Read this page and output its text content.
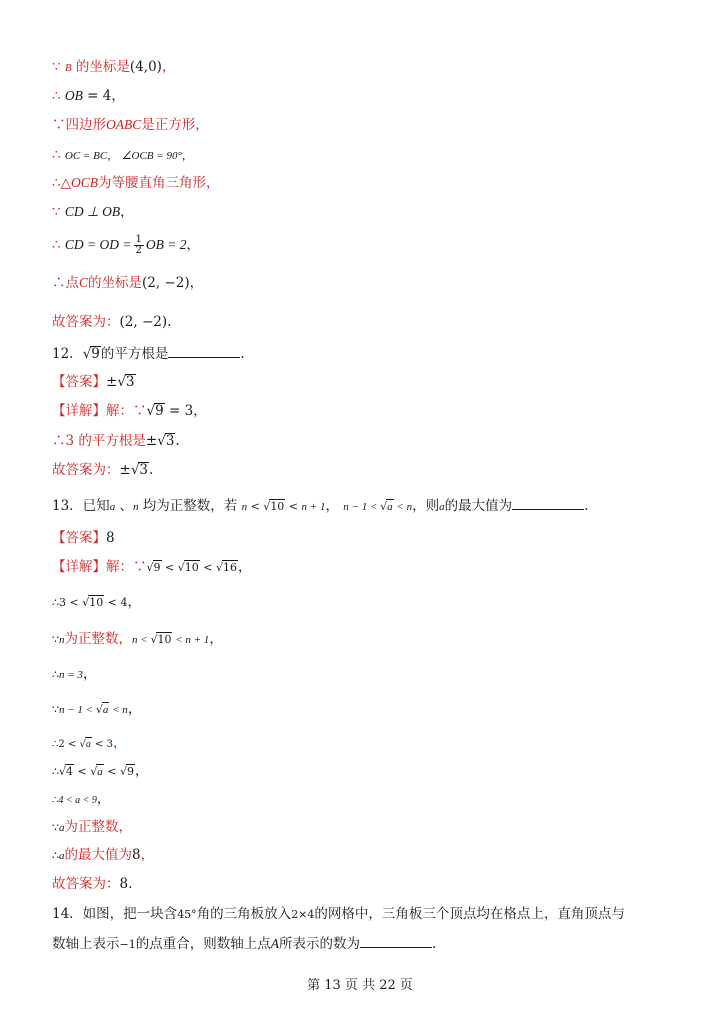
∵ B 的坐标是(4,0)，
∴ OB = 4，
∵四边形OABC是正方形，
∴ OC = BC， ∠OCB = 90°，
∴△OCB为等腰直角三角形，
∵ CD ⊥ OB，
∴ CD = OD = $\frac{1}{2}$ OB = 2，
∴点C的坐标是(2, −2)，
故答案为：(2, −2).
12．√9的平方根是	.
【答案】±√3
【详解】解：∵√9 = 3，
∴3 的平方根是±√3.
故答案为：±√3.
13．已知a 、n 均为正整数，若 n < √10 < n + 1， n − 1 < √a < n，则a的最大值为	.
【答案】8
【详解】解：∵√9 < √10 < √16，
∴3 < √10 < 4，
∵n为正整数，n < √10 < n + 1，
∴n = 3，
∵n − 1 < √a < n，
∴2 < √a < 3，
∴√4 < √a < √9，
∴4 < a < 9，
∵a为正整数，
∴a的最大值为8，
故答案为：8.
14．如图，把一块含45°角的三角板放入2×4的网格中，三角板三个顶点均在格点上，直角顶点与
数轴上表示−1的点重合，则数轴上点A所表示的数为	.
第 13 页 共 22 页
